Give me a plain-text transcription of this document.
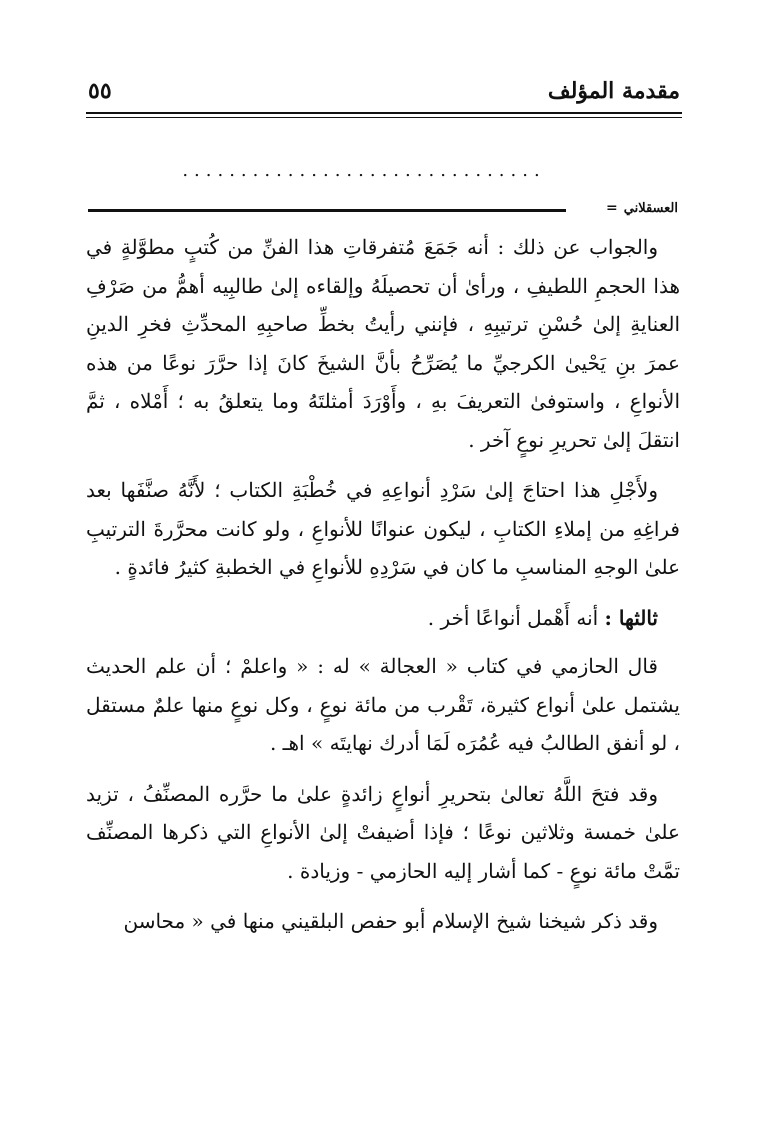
مقدمة المؤلف
٥٥
...............................
العسقلاني
=

والجواب عن ذلك : أنه جَمَعَ مُتفرقاتِ هذا الفنِّ من كُتبٍ مطوَّلةٍ في هذا الحجمِ اللطيفِ ، ورأىٰ أن تحصيلَهُ وإلقاءه إلىٰ طالبِيه أهمُّ من صَرْفِ العنايةِ إلىٰ حُسْنِ ترتيبِهِ ، فإنني رأيتُ بخطِّ صاحبِهِ المحدِّثِ فخرِ الدينِ عمرَ بنِ يَحْيىٰ الكرجيِّ ما يُصَرِّحُ بأنَّ الشيخَ كانَ إذا حرَّرَ نوعًا من هذه الأنواعِ ، واستوفىٰ التعريفَ بهِ ، وأَوْرَدَ أمثلتَهُ وما يتعلقُ به ؛ أَمْلاه ، ثمَّ انتقلَ إلىٰ تحريرِ نوعٍ آخر .

ولأَجْلِ هذا احتاجَ إلىٰ سَرْدِ أنواعِهِ في خُطْبَةِ الكتاب ؛ لأَنَّهُ صنَّفَها بعد فراغِهِ من إملاءِ الكتابِ ، ليكون عنوانًا للأنواعِ ، ولو كانت محرَّرةَ الترتيبِ علىٰ الوجهِ المناسبِ ما كان في سَرْدِهِ للأنواعِ في الخطبةِ كثيرُ فائدةٍ .

ثالثها : أنه أَهْمل أنواعًا أخر .

قال الحازمي في كتاب « العجالة » له : « واعلمْ ؛ أن علم الحديث يشتمل علىٰ أنواع كثيرة، تَقْرب من مائة نوعٍ ، وكل نوعٍ منها علمٌ مستقل ، لو أنفق الطالبُ فيه عُمُرَه لَمَا أدرك نهايتَه » اهـ .

وقد فتحَ اللَّهُ تعالىٰ بتحريرِ أنواعٍ زائدةٍ علىٰ ما حرَّره المصنِّفُ ، تزيد علىٰ خمسة وثلاثين نوعًا ؛ فإذا أضيفتْ إلىٰ الأنواعِ التي ذكرها المصنِّف تمَّتْ مائة نوعٍ - كما أشار إليه الحازمي - وزيادة .

وقد ذكر شيخنا شيخ الإسلام أبو حفص البلقيني منها في « محاسن
